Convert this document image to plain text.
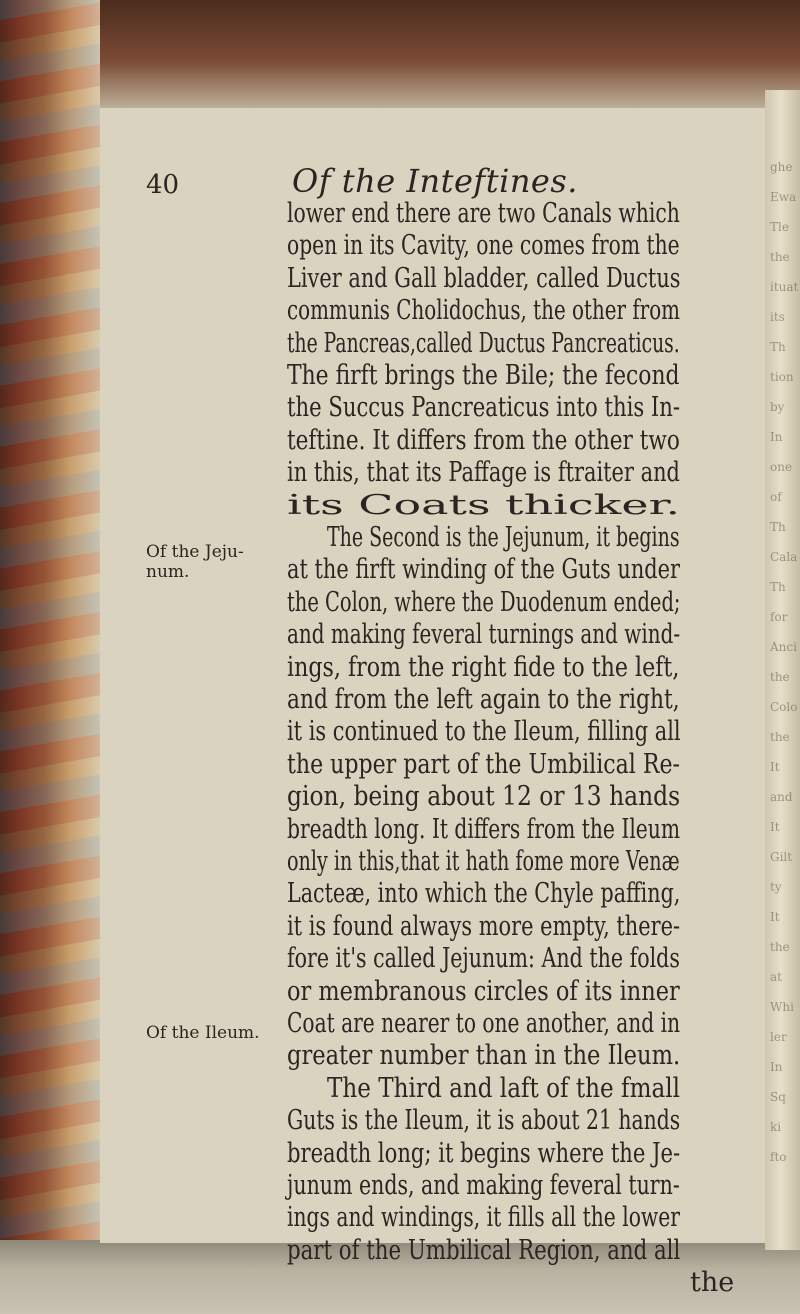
ghe
Ewa
Tle
the
ituat
its
Th
tion
by
In
one
of
Th
Cala
Th
for
Anci
the
Colo
the
It
and
It
Gilt
ty
It
the
at
Whi
ler
In
Sq
ki
fto
40	Of the Inteftines.
Of the Jeju-
num.
Of the Ileum.
lower end there are two Canals which
open in its Cavity, one comes from the
Liver and Gall bladder, called Ductus
communis Cholidochus, the other from
the Pancreas,called Ductus Pancreaticus.
The firft brings the Bile; the fecond
the Succus Pancreaticus into this In-
teftine. It differs from the other two
in this, that its Paffage is ftraiter and
its Coats thicker.
The Second is the Jejunum, it begins
at the firft winding of the Guts under
the Colon, where the Duodenum ended;
and making feveral turnings and wind-
ings, from the right fide to the left,
and from the left again to the right,
it is continued to the Ileum, filling all
the upper part of the Umbilical Re-
gion, being about 12 or 13 hands
breadth long. It differs from the Ileum
only in this,that it hath fome more Venæ
Lacteæ, into which the Chyle paffing,
it is found always more empty, there-
fore it's called Jejunum: And the folds
or membranous circles of its inner
Coat are nearer to one another, and in
greater number than in the Ileum.
The Third and laft of the fmall
Guts is the Ileum, it is about 21 hands
breadth long; it begins where the Je-
junum ends, and making feveral turn-
ings and windings, it fills all the lower
part of the Umbilical Region, and all
the
